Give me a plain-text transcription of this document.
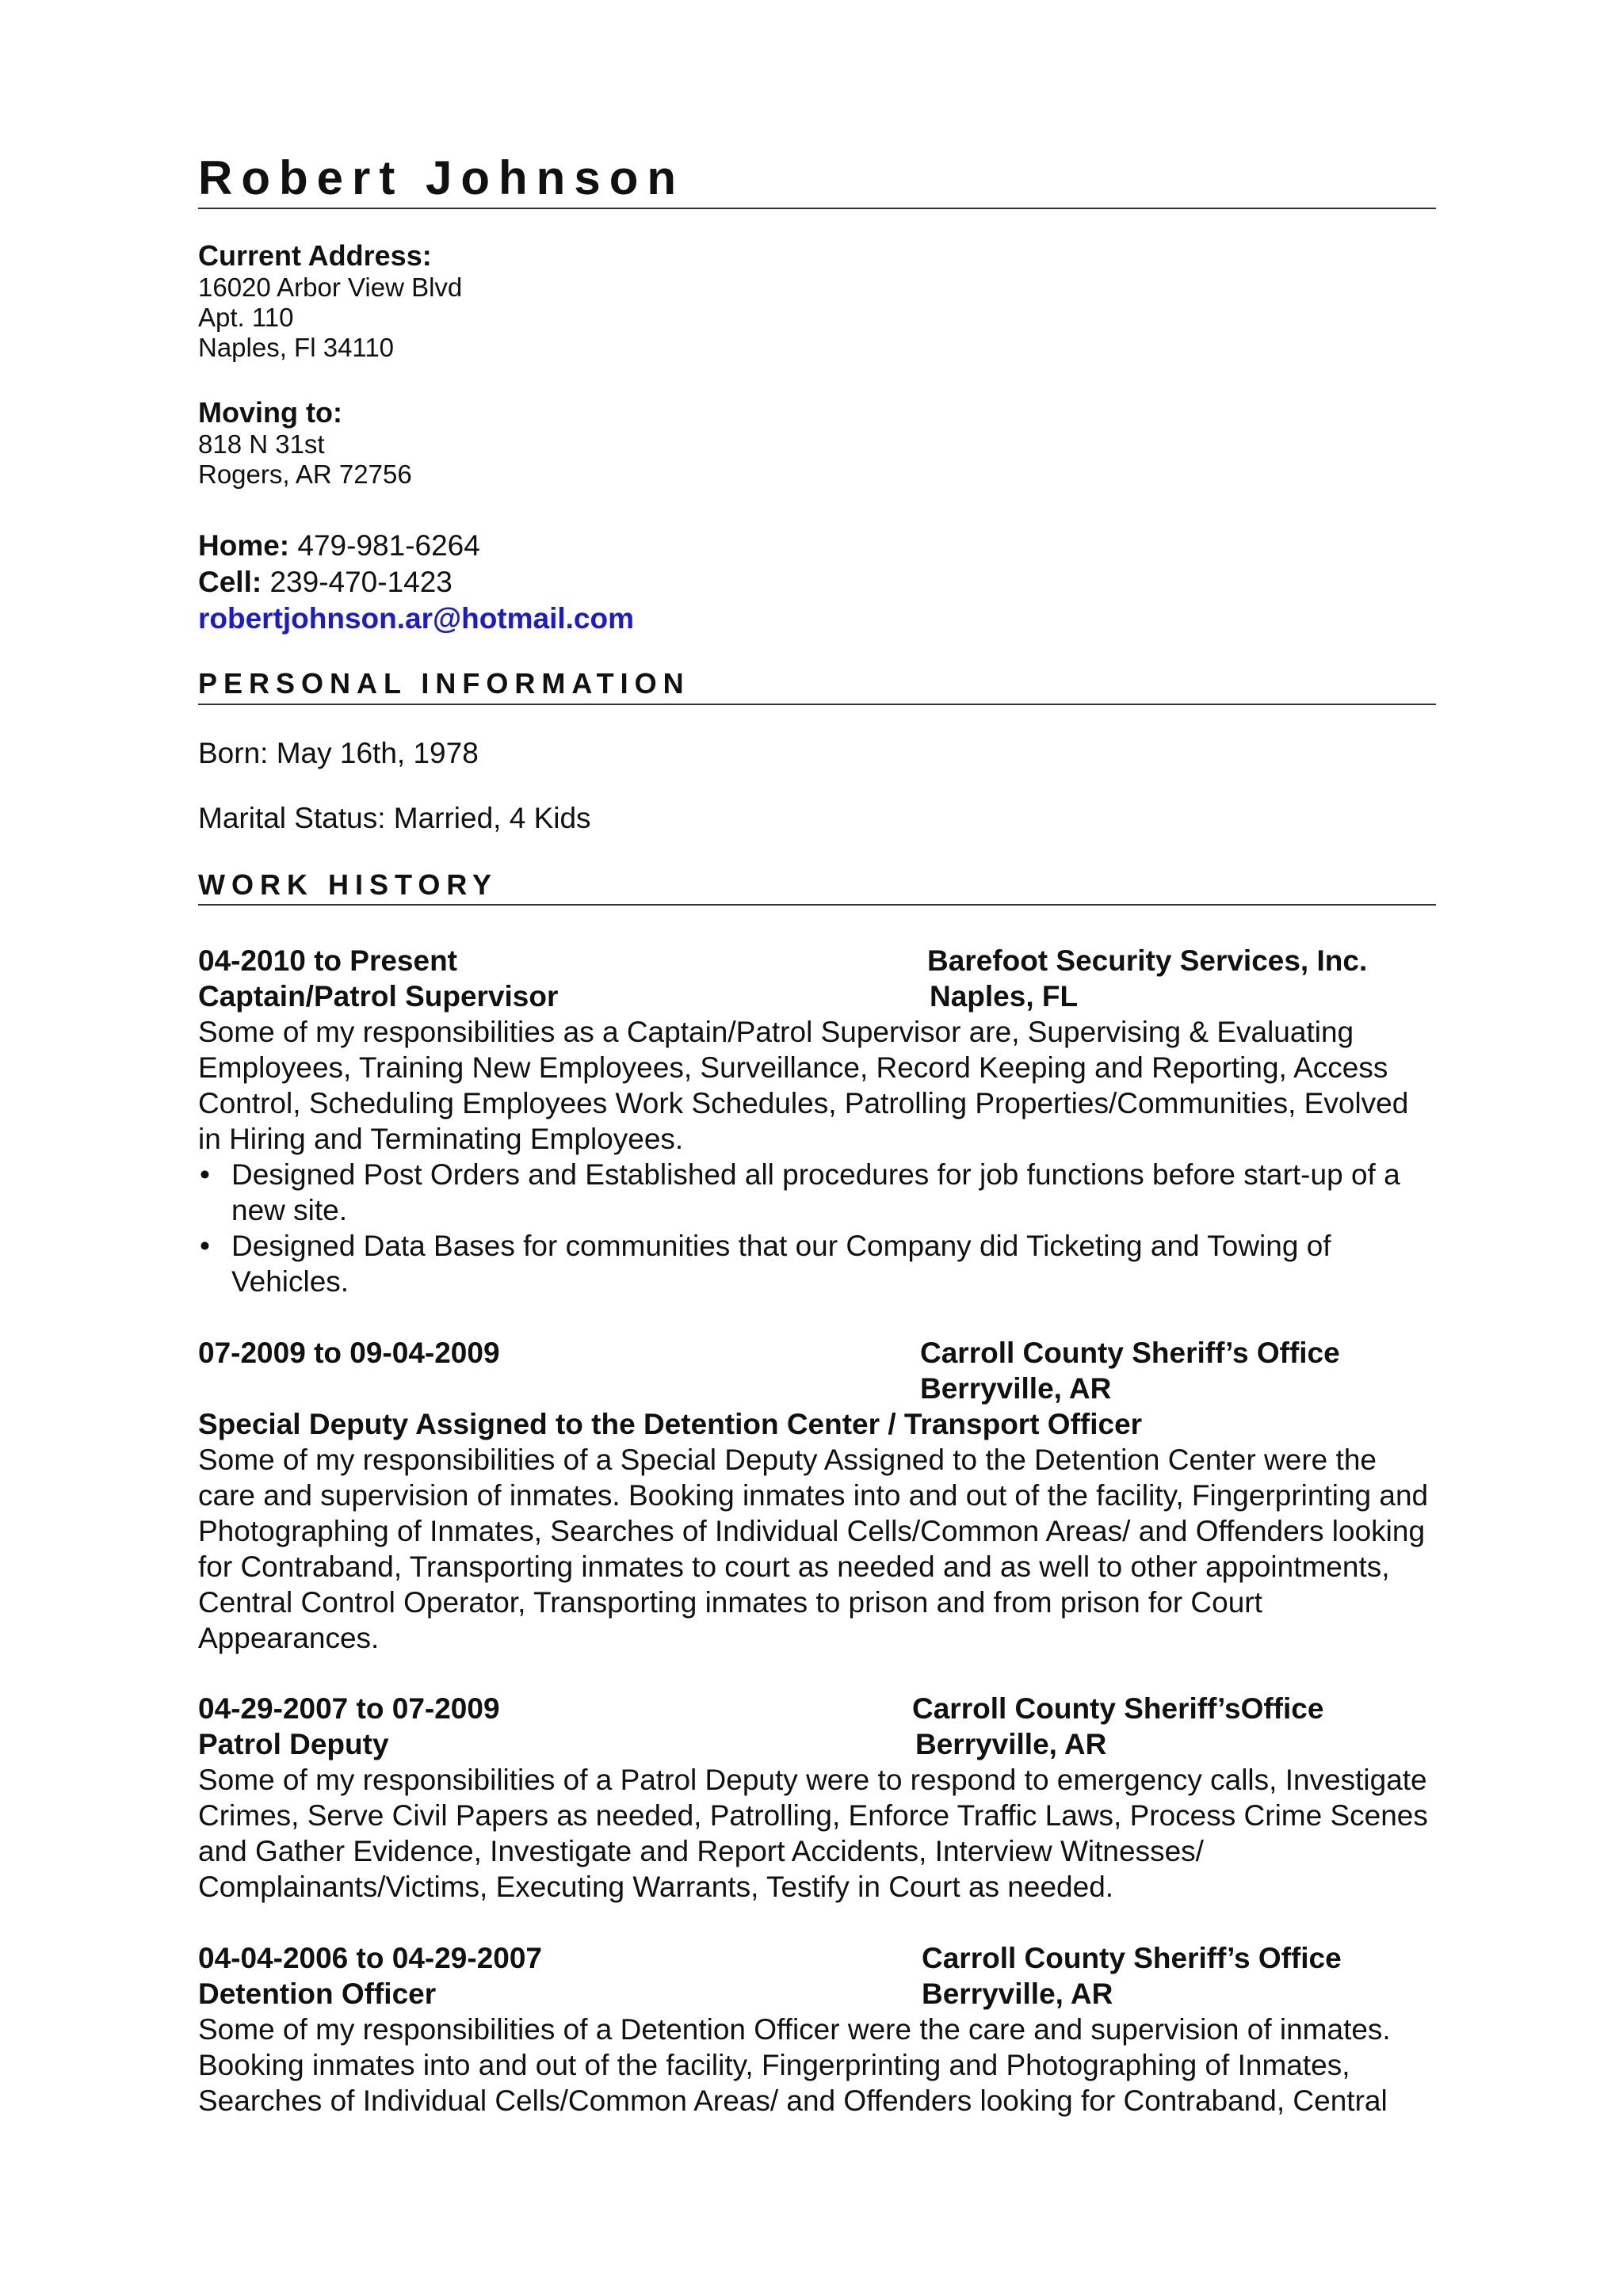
Robert Johnson
Current Address:
16020 Arbor View Blvd
Apt. 110
Naples, Fl 34110
Moving to:
818 N 31st
Rogers, AR 72756
Home: 479-981-6264
Cell: 239-470-1423
robertjohnson.ar@hotmail.com
PERSONAL INFORMATION
Born: May 16th, 1978
Marital Status: Married, 4 Kids
WORK HISTORY
04-2010 to Present	Barefoot Security Services, Inc.
Captain/Patrol Supervisor	Naples, FL
Some of my responsibilities as a Captain/Patrol Supervisor are, Supervising & Evaluating Employees, Training New Employees, Surveillance, Record Keeping and Reporting, Access Control, Scheduling Employees Work Schedules, Patrolling Properties/Communities, Evolved in Hiring and Terminating Employees.
• Designed Post Orders and Established all procedures for job functions before start-up of a new site.
• Designed Data Bases for communities that our Company did Ticketing and Towing of Vehicles.
07-2009 to 09-04-2009	Carroll County Sheriff’s Office
Berryville, AR
Special Deputy Assigned to the Detention Center / Transport Officer
Some of my responsibilities of a Special Deputy Assigned to the Detention Center were the care and supervision of inmates. Booking inmates into and out of the facility, Fingerprinting and Photographing of Inmates, Searches of Individual Cells/Common Areas/ and Offenders looking for Contraband, Transporting inmates to court as needed and as well to other appointments, Central Control Operator, Transporting inmates to prison and from prison for Court Appearances.
04-29-2007 to 07-2009	Carroll County Sheriff’sOffice
Patrol Deputy	Berryville, AR
Some of my responsibilities of a Patrol Deputy were to respond to emergency calls, Investigate Crimes, Serve Civil Papers as needed, Patrolling, Enforce Traffic Laws, Process Crime Scenes and Gather Evidence, Investigate and Report Accidents, Interview Witnesses/ Complainants/Victims, Executing Warrants, Testify in Court as needed.
04-04-2006 to 04-29-2007	Carroll County Sheriff’s Office
Detention Officer	Berryville, AR
Some of my responsibilities of a Detention Officer were the care and supervision of inmates. Booking inmates into and out of the facility, Fingerprinting and Photographing of Inmates, Searches of Individual Cells/Common Areas/ and Offenders looking for Contraband, Central
